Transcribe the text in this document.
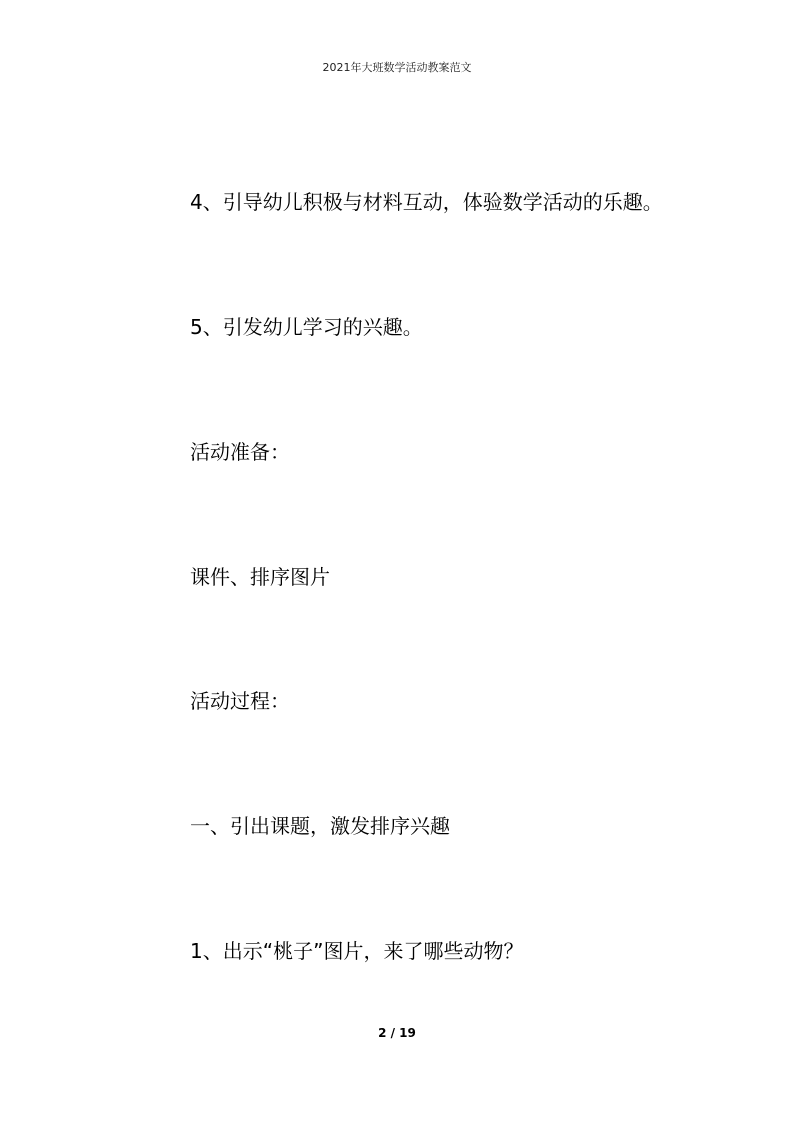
2021年大班数学活动教案范文
4、引导幼儿积极与材料互动，体验数学活动的乐趣。
5、引发幼儿学习的兴趣。
活动准备：
课件、排序图片
活动过程：
一、引出课题，激发排序兴趣
1、出示“桃子”图片，来了哪些动物？
2 / 19
